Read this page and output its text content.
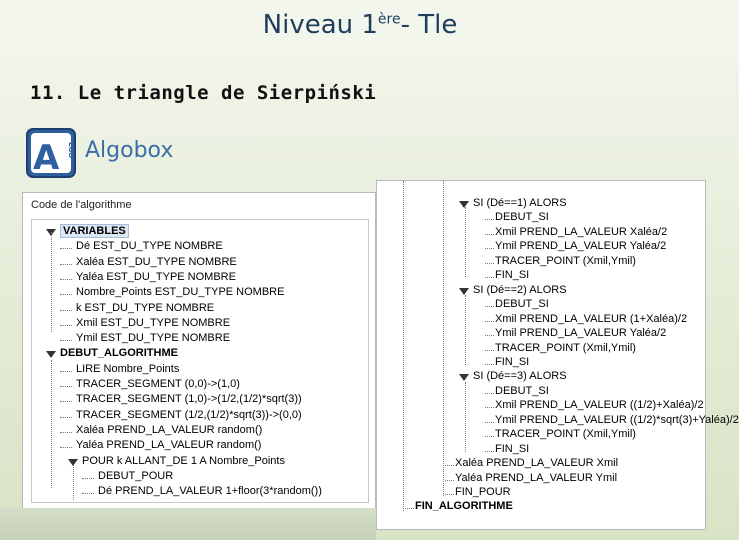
Niveau 1ère- Tle
11. Le triangle de Sierpiński
A LGO Algobox
Code de l'algorithme
VARIABLES
Dé EST_DU_TYPE NOMBRE
Xaléa EST_DU_TYPE NOMBRE
Yaléa EST_DU_TYPE NOMBRE
Nombre_Points EST_DU_TYPE NOMBRE
k EST_DU_TYPE NOMBRE
Xmil EST_DU_TYPE NOMBRE
Ymil EST_DU_TYPE NOMBRE
DEBUT_ALGORITHME
LIRE Nombre_Points
TRACER_SEGMENT (0,0)->(1,0)
TRACER_SEGMENT (1,0)->(1/2,(1/2)*sqrt(3))
TRACER_SEGMENT (1/2,(1/2)*sqrt(3))->(0,0)
Xaléa PREND_LA_VALEUR random()
Yaléa PREND_LA_VALEUR random()
POUR k ALLANT_DE 1 A Nombre_Points
DEBUT_POUR
Dé PREND_LA_VALEUR 1+floor(3*random())
SI (Dé==1) ALORS
DEBUT_SI
Xmil PREND_LA_VALEUR Xaléa/2
Ymil PREND_LA_VALEUR Yaléa/2
TRACER_POINT (Xmil,Ymil)
FIN_SI
SI (Dé==2) ALORS
DEBUT_SI
Xmil PREND_LA_VALEUR (1+Xaléa)/2
Ymil PREND_LA_VALEUR Yaléa/2
TRACER_POINT (Xmil,Ymil)
FIN_SI
SI (Dé==3) ALORS
DEBUT_SI
Xmil PREND_LA_VALEUR ((1/2)+Xaléa)/2
Ymil PREND_LA_VALEUR ((1/2)*sqrt(3)+Yaléa)/2
TRACER_POINT (Xmil,Ymil)
FIN_SI
Xaléa PREND_LA_VALEUR Xmil
Yaléa PREND_LA_VALEUR Ymil
FIN_POUR
FIN_ALGORITHME
